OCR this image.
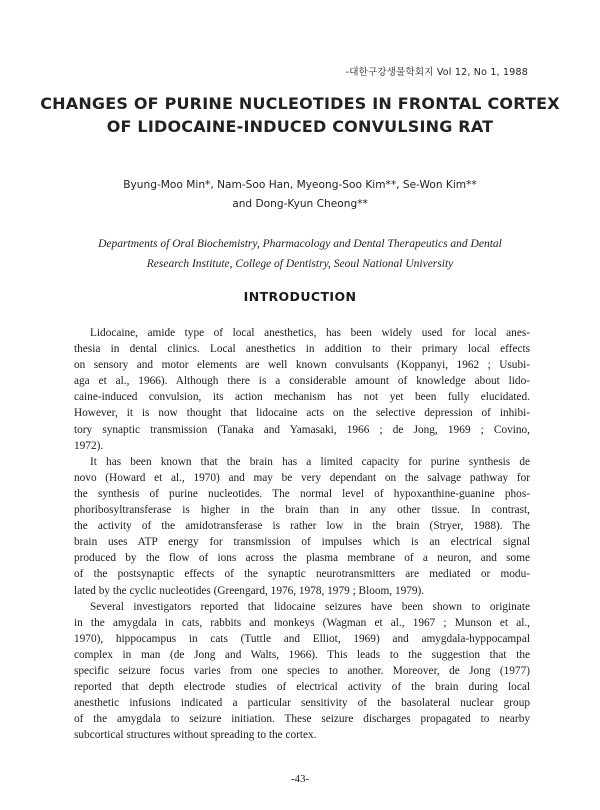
-대한구강생물학회지 Vol 12, No 1, 1988
CHANGES OF PURINE NUCLEOTIDES IN FRONTAL CORTEX
OF LIDOCAINE-INDUCED CONVULSING RAT
Byung-Moo Min*, Nam-Soo Han, Myeong-Soo Kim**, Se-Won Kim**
and Dong-Kyun Cheong**
Departments of Oral Biochemistry, Pharmacology and Dental Therapeutics and Dental
Research Institute, College of Dentistry, Seoul National University
INTRODUCTION
Lidocaine, amide type of local anesthetics, has been widely used for local anes-
thesia in dental clinics. Local anesthetics in addition to their primary local effects
on sensory and motor elements are well known convulsants (Koppanyi, 1962 ; Usubi-
aga et al., 1966). Although there is a considerable amount of knowledge about lido-
caine-induced convulsion, its action mechanism has not yet been fully elucidated.
However, it is now thought that lidocaine acts on the selective depression of inhibi-
tory synaptic transmission (Tanaka and Yamasaki, 1966 ; de Jong, 1969 ; Covino,
1972).
It has been known that the brain has a limited capacity for purine synthesis de
novo (Howard et al., 1970) and may be very dependant on the salvage pathway for
the synthesis of purine nucleotides. The normal level of hypoxanthine-guanine phos-
phoribosyltransferase is higher in the brain than in any other tissue. In contrast,
the activity of the amidotransferase is rather low in the brain (Stryer, 1988). The
brain uses ATP energy for transmission of impulses which is an electrical signal
produced by the flow of ions across the plasma membrane of a neuron, and some
of the postsynaptic effects of the synaptic neurotransmitters are mediated or modu-
lated by the cyclic nucleotides (Greengard, 1976, 1978, 1979 ; Bloom, 1979).
Several investigators reported that lidocaine seizures have been shown to originate
in the amygdala in cats, rabbits and monkeys (Wagman et al., 1967 ; Munson et al.,
1970), hippocampus in cats (Tuttle and Elliot, 1969) and amygdala-hyppocampal
complex in man (de Jong and Walts, 1966). This leads to the suggestion that the
specific seizure focus varies from one species to another. Moreover, de Jong (1977)
reported that depth electrode studies of electrical activity of the brain during local
anesthetic infusions indicated a particular sensitivity of the basolateral nuclear group
of the amygdala to seizure initiation. These seizure discharges propagated to nearby
subcortical structures without spreading to the cortex.
-43-
